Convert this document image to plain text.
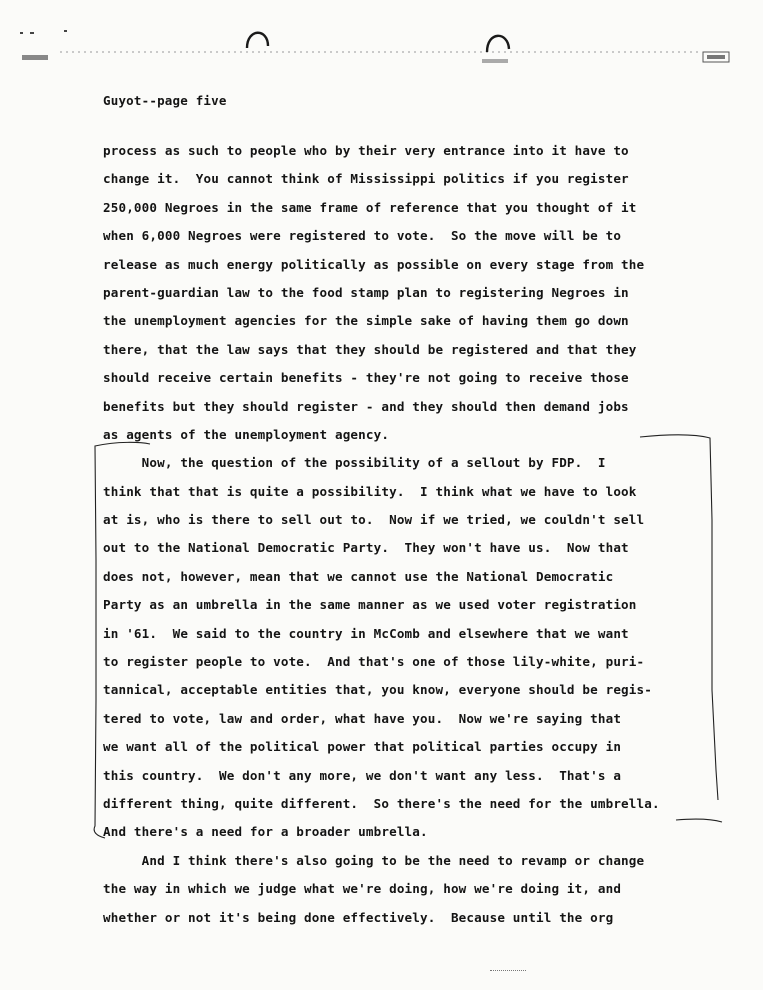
Guyot--page five
process as such to people who by their very entrance into it have to
change it.  You cannot think of Mississippi politics if you register
250,000 Negroes in the same frame of reference that you thought of it
when 6,000 Negroes were registered to vote.  So the move will be to
release as much energy politically as possible on every stage from the
parent-guardian law to the food stamp plan to registering Negroes in
the unemployment agencies for the simple sake of having them go down
there, that the law says that they should be registered and that they
should receive certain benefits - they're not going to receive those
benefits but they should register - and they should then demand jobs
as agents of the unemployment agency.
Now, the question of the possibility of a sellout by FDP.  I
think that that is quite a possibility.  I think what we have to look
at is, who is there to sell out to.  Now if we tried, we couldn't sell
out to the National Democratic Party.  They won't have us.  Now that
does not, however, mean that we cannot use the National Democratic
Party as an umbrella in the same manner as we used voter registration
in '61.  We said to the country in McComb and elsewhere that we want
to register people to vote.  And that's one of those lily-white, puri-
tannical, acceptable entities that, you know, everyone should be regis-
tered to vote, law and order, what have you.  Now we're saying that
we want all of the political power that political parties occupy in
this country.  We don't any more, we don't want any less.  That's a
different thing, quite different.  So there's the need for the umbrella.
And there's a need for a broader umbrella.
And I think there's also going to be the need to revamp or change
the way in which we judge what we're doing, how we're doing it, and
whether or not it's being done effectively.  Because until the org
